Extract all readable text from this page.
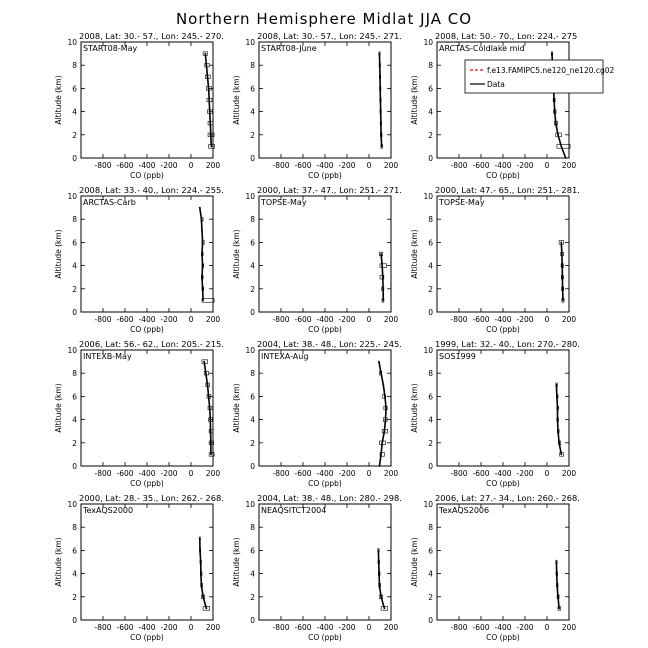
Northern Hemisphere Midlat JJA CO
2008, Lat: 30.- 57., Lon: 245.- 270.
START08-May
-800 -600 -400 -200 0 200
0
2
4
6
8
10
CO (ppb)
Altitude (km)
2008, Lat: 30.- 57., Lon: 245.- 271.
START08-June
-800 -600 -400 -200 0 200
0
2
4
6
8
10
CO (ppb)
Altitude (km)
2008, Lat: 50.- 70., Lon: 224.- 275
ARCTAS-Coldlake mid
-800 -600 -400 -200 0 200
0
2
4
6
8
10
CO (ppb)
Altitude (km)
2008, Lat: 33.- 40., Lon: 224.- 255.
ARCTAS-Carb
-800 -600 -400 -200 0 200
0
2
4
6
8
10
CO (ppb)
Altitude (km)
2000, Lat: 37.- 47., Lon: 251.- 271.
TOPSE-May
-800 -600 -400 -200 0 200
0
2
4
6
8
10
CO (ppb)
Altitude (km)
2000, Lat: 47.- 65., Lon: 251.- 281.
TOPSE-May
-800 -600 -400 -200 0 200
0
2
4
6
8
10
CO (ppb)
Altitude (km)
2006, Lat: 56.- 62., Lon: 205.- 215.
INTEXB-May
-800 -600 -400 -200 0 200
0
2
4
6
8
10
CO (ppb)
Altitude (km)
2004, Lat: 38.- 48., Lon: 225.- 245.
INTEXA-Aug
-800 -600 -400 -200 0 200
0
2
4
6
8
10
CO (ppb)
Altitude (km)
1999, Lat: 32.- 40., Lon: 270.- 280.
SOS1999
-800 -600 -400 -200 0 200
0
2
4
6
8
10
CO (ppb)
Altitude (km)
2000, Lat: 28.- 35., Lon: 262.- 268.
TexAQS2000
-800 -600 -400 -200 0 200
0
2
4
6
8
10
CO (ppb)
Altitude (km)
2004, Lat: 38.- 48., Lon: 280.- 298.
NEAQSITCT2004
-800 -600 -400 -200 0 200
0
2
4
6
8
10
CO (ppb)
Altitude (km)
2006, Lat: 27.- 34., Lon: 260.- 268.
TexAQS2006
-800 -600 -400 -200 0 200
0
2
4
6
8
10
CO (ppb)
Altitude (km)
f.e13.FAMIPC5.ne120_ne120.cg02
Data
